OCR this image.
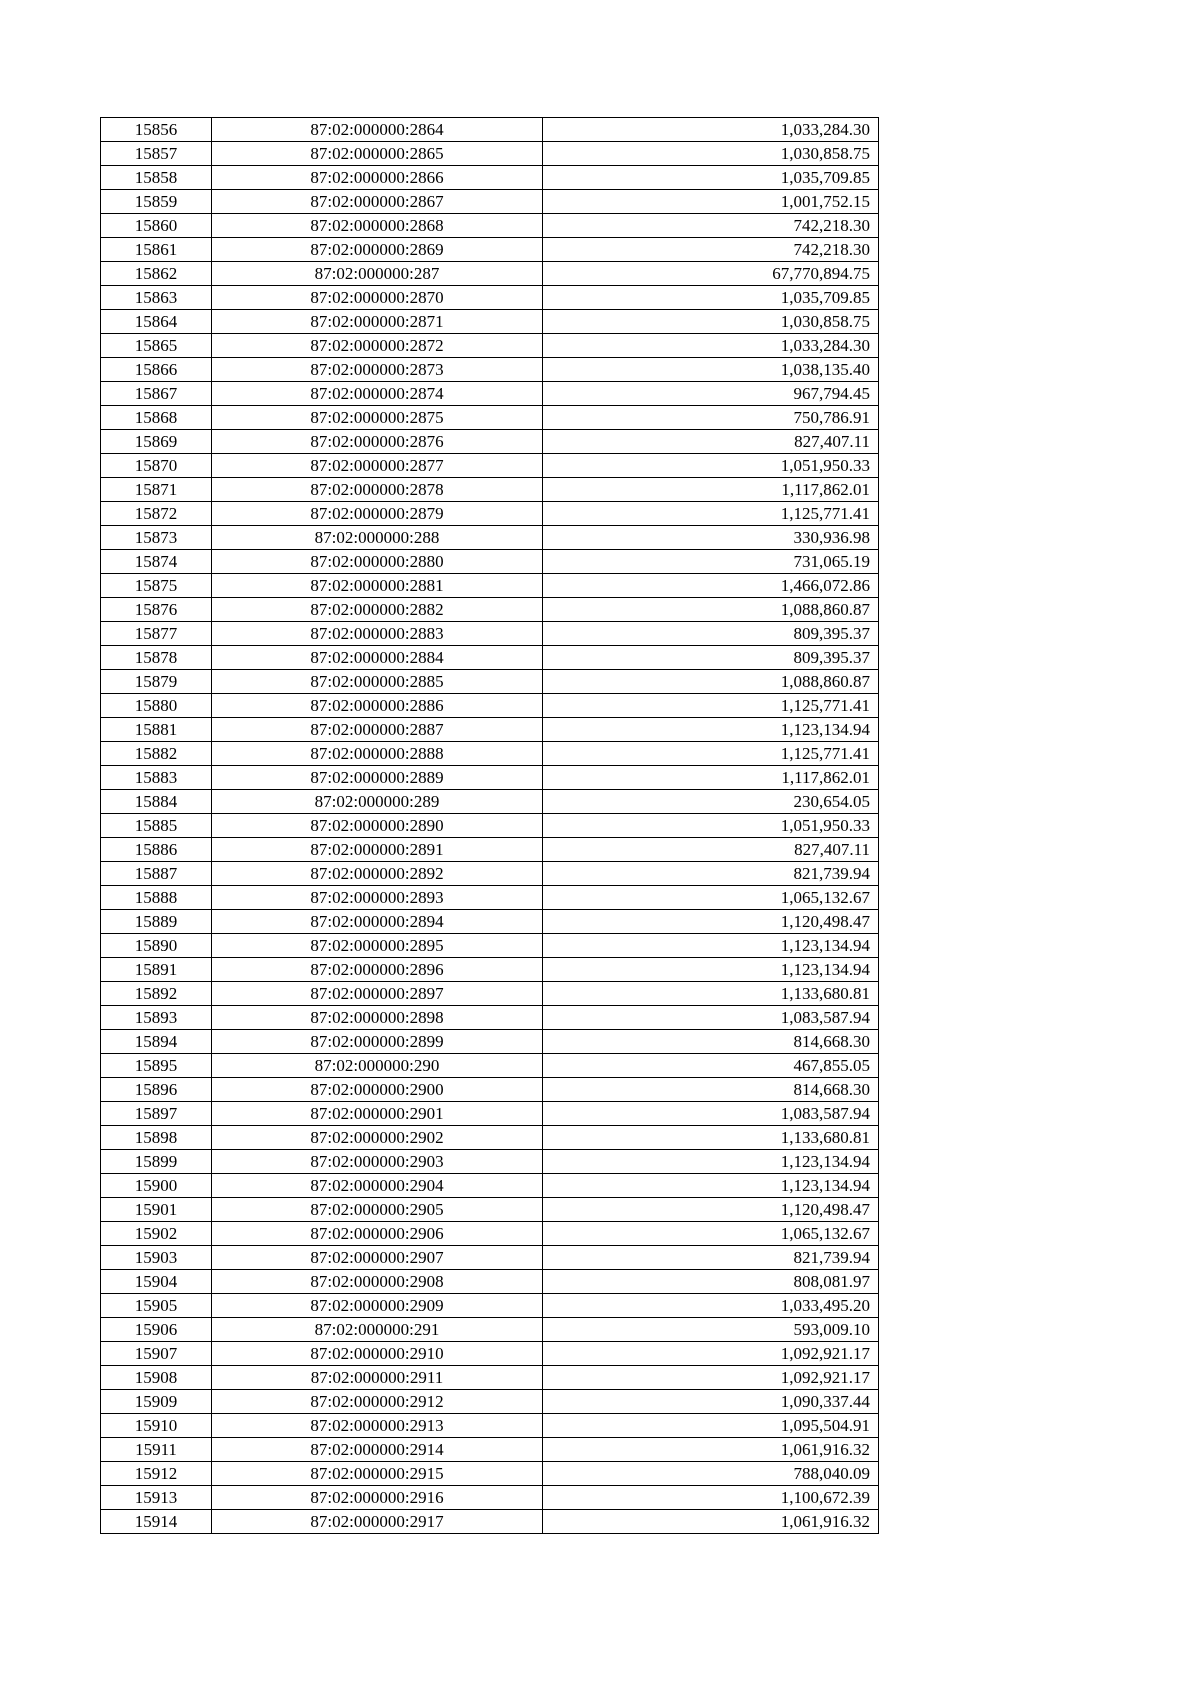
15856	87:02:000000:2864	1,033,284.30
15857	87:02:000000:2865	1,030,858.75
15858	87:02:000000:2866	1,035,709.85
15859	87:02:000000:2867	1,001,752.15
15860	87:02:000000:2868	742,218.30
15861	87:02:000000:2869	742,218.30
15862	87:02:000000:287	67,770,894.75
15863	87:02:000000:2870	1,035,709.85
15864	87:02:000000:2871	1,030,858.75
15865	87:02:000000:2872	1,033,284.30
15866	87:02:000000:2873	1,038,135.40
15867	87:02:000000:2874	967,794.45
15868	87:02:000000:2875	750,786.91
15869	87:02:000000:2876	827,407.11
15870	87:02:000000:2877	1,051,950.33
15871	87:02:000000:2878	1,117,862.01
15872	87:02:000000:2879	1,125,771.41
15873	87:02:000000:288	330,936.98
15874	87:02:000000:2880	731,065.19
15875	87:02:000000:2881	1,466,072.86
15876	87:02:000000:2882	1,088,860.87
15877	87:02:000000:2883	809,395.37
15878	87:02:000000:2884	809,395.37
15879	87:02:000000:2885	1,088,860.87
15880	87:02:000000:2886	1,125,771.41
15881	87:02:000000:2887	1,123,134.94
15882	87:02:000000:2888	1,125,771.41
15883	87:02:000000:2889	1,117,862.01
15884	87:02:000000:289	230,654.05
15885	87:02:000000:2890	1,051,950.33
15886	87:02:000000:2891	827,407.11
15887	87:02:000000:2892	821,739.94
15888	87:02:000000:2893	1,065,132.67
15889	87:02:000000:2894	1,120,498.47
15890	87:02:000000:2895	1,123,134.94
15891	87:02:000000:2896	1,123,134.94
15892	87:02:000000:2897	1,133,680.81
15893	87:02:000000:2898	1,083,587.94
15894	87:02:000000:2899	814,668.30
15895	87:02:000000:290	467,855.05
15896	87:02:000000:2900	814,668.30
15897	87:02:000000:2901	1,083,587.94
15898	87:02:000000:2902	1,133,680.81
15899	87:02:000000:2903	1,123,134.94
15900	87:02:000000:2904	1,123,134.94
15901	87:02:000000:2905	1,120,498.47
15902	87:02:000000:2906	1,065,132.67
15903	87:02:000000:2907	821,739.94
15904	87:02:000000:2908	808,081.97
15905	87:02:000000:2909	1,033,495.20
15906	87:02:000000:291	593,009.10
15907	87:02:000000:2910	1,092,921.17
15908	87:02:000000:2911	1,092,921.17
15909	87:02:000000:2912	1,090,337.44
15910	87:02:000000:2913	1,095,504.91
15911	87:02:000000:2914	1,061,916.32
15912	87:02:000000:2915	788,040.09
15913	87:02:000000:2916	1,100,672.39
15914	87:02:000000:2917	1,061,916.32
